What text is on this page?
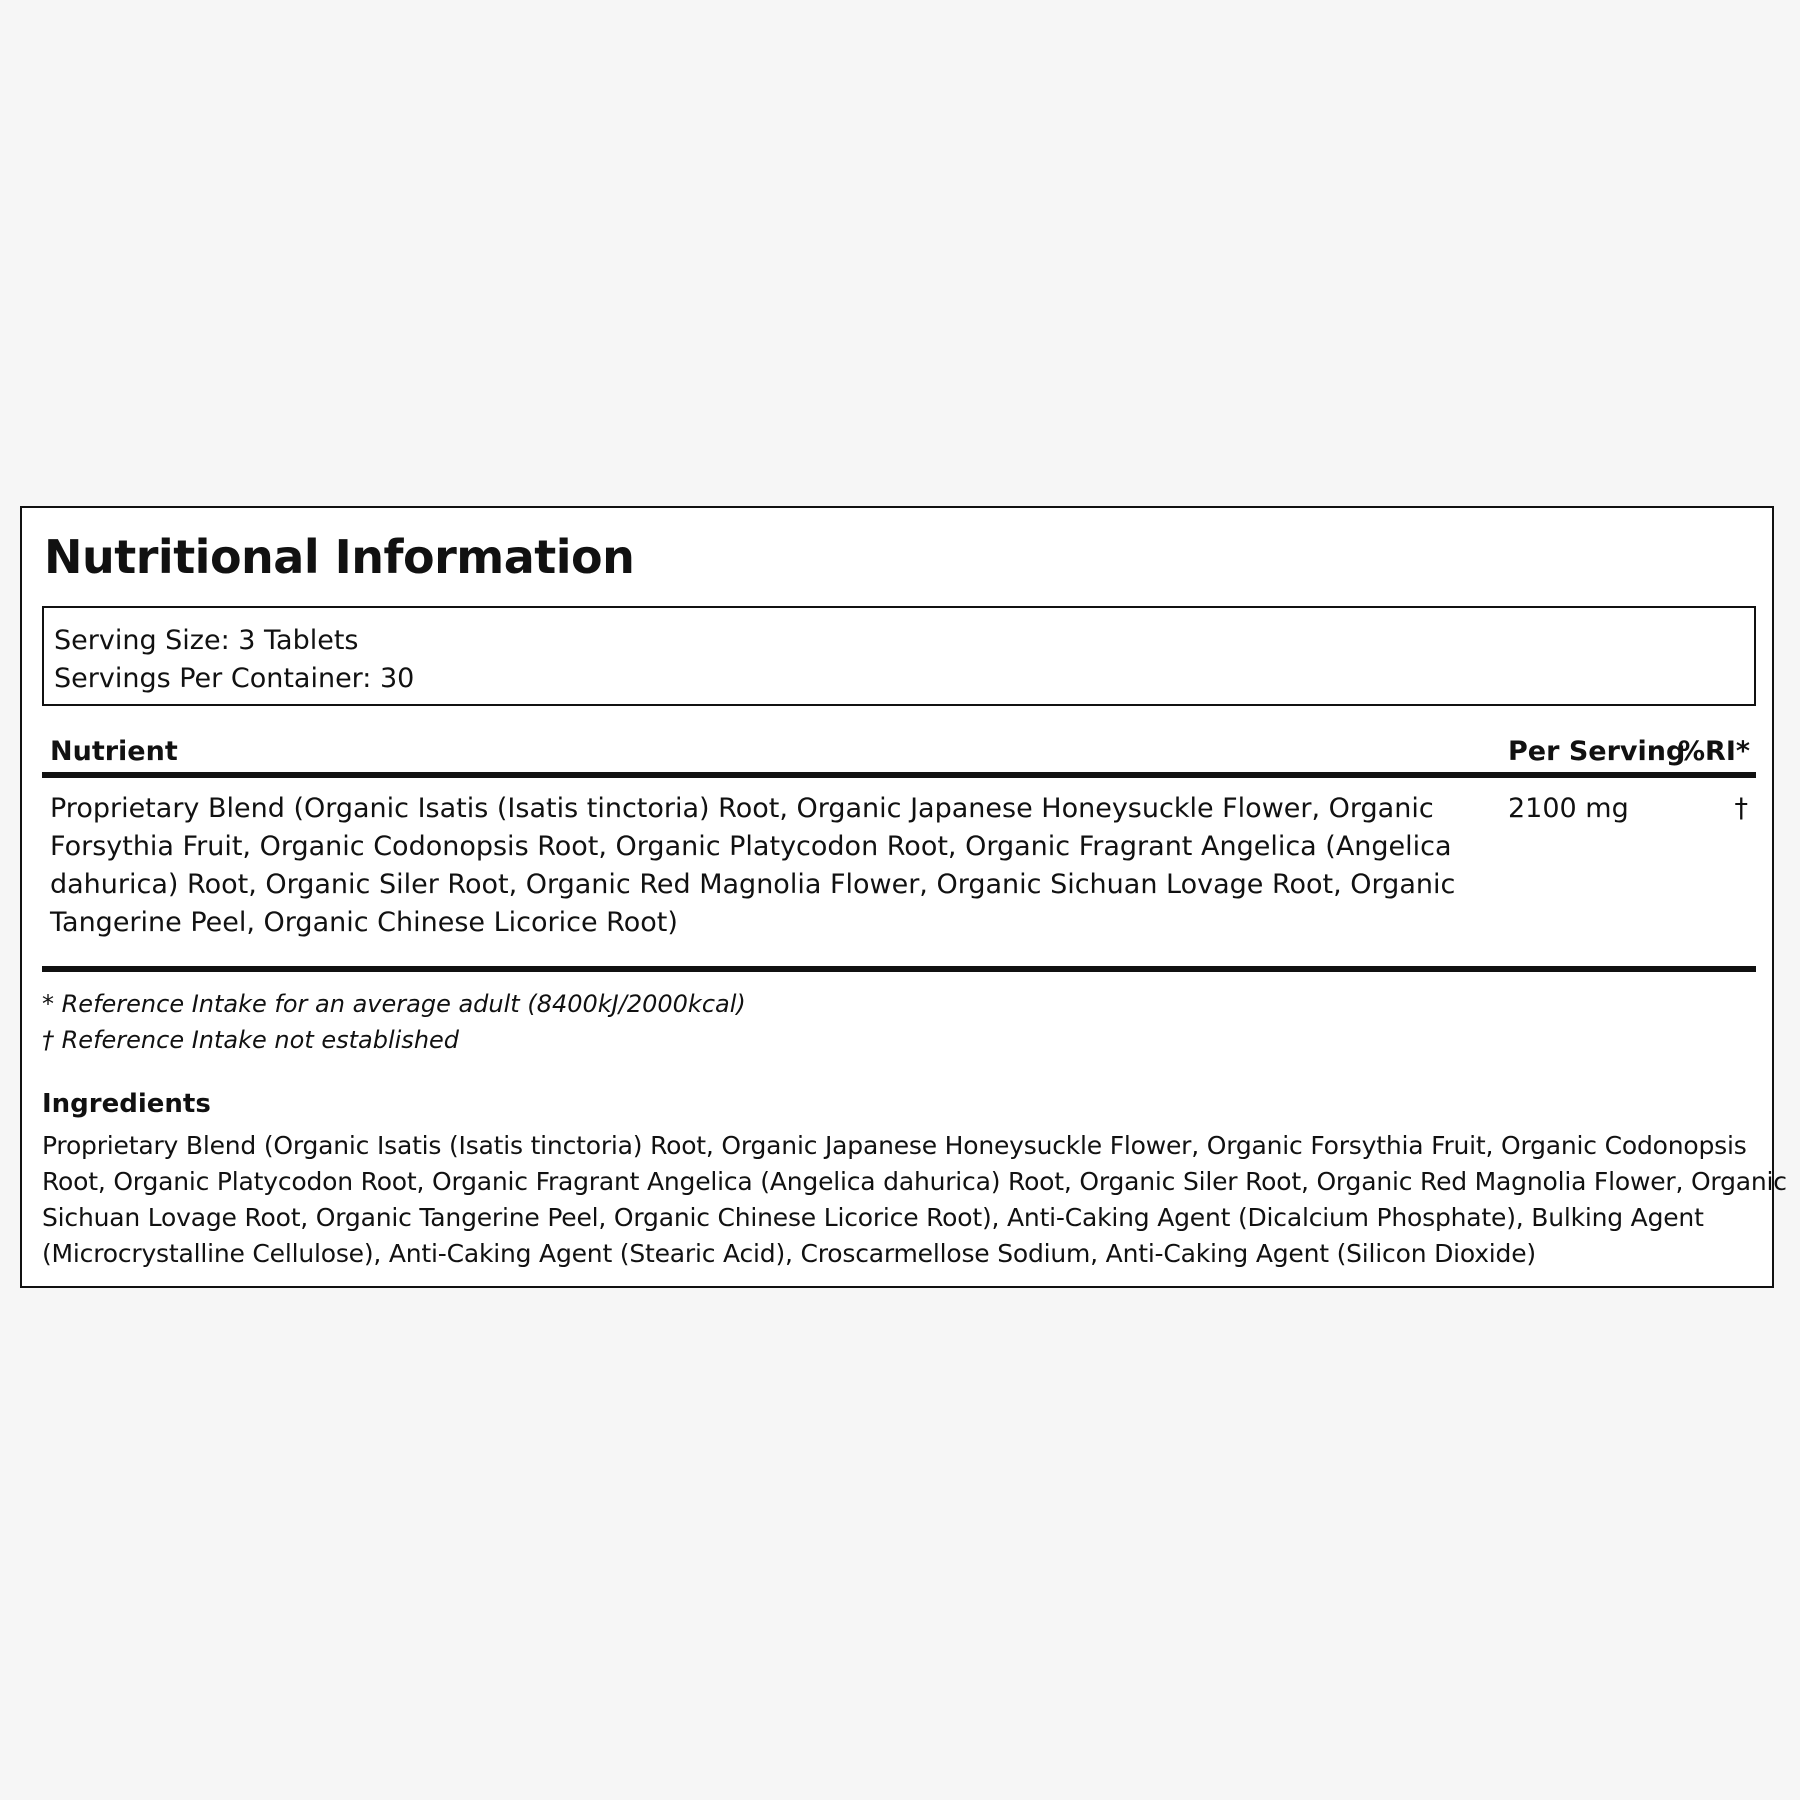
Nutritional Information
Serving Size: 3 Tablets
Servings Per Container: 30
Nutrient	Per Serving
%RI*
Proprietary Blend (Organic Isatis (Isatis tinctoria) Root, Organic Japanese Honeysuckle Flower, Organic
Forsythia Fruit, Organic Codonopsis Root, Organic Platycodon Root, Organic Fragrant Angelica (Angelica
dahurica) Root, Organic Siler Root, Organic Red Magnolia Flower, Organic Sichuan Lovage Root, Organic
Tangerine Peel, Organic Chinese Licorice Root)
2100 mg	†
* Reference Intake for an average adult (8400kJ/2000kcal)
† Reference Intake not established
Ingredients

Proprietary Blend (Organic Isatis (Isatis tinctoria) Root, Organic Japanese Honeysuckle Flower, Organic Forsythia Fruit, Organic Codonopsis
Root, Organic Platycodon Root, Organic Fragrant Angelica (Angelica dahurica) Root, Organic Siler Root, Organic Red Magnolia Flower, Organic
Sichuan Lovage Root, Organic Tangerine Peel, Organic Chinese Licorice Root), Anti-Caking Agent (Dicalcium Phosphate), Bulking Agent
(Microcrystalline Cellulose), Anti-Caking Agent (Stearic Acid), Croscarmellose Sodium, Anti-Caking Agent (Silicon Dioxide)
